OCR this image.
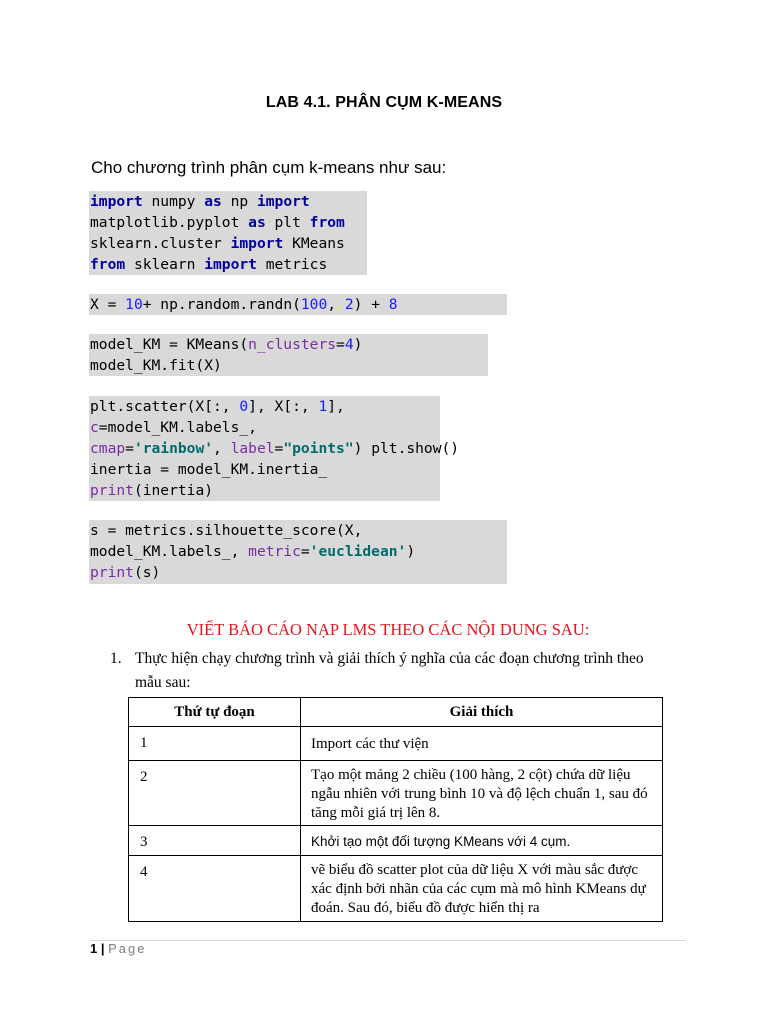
LAB 4.1. PHÂN CỤM K-MEANS
Cho chương trình phân cụm k-means như sau:
import numpy as np import
matplotlib.pyplot as plt from
sklearn.cluster import KMeans
from sklearn import metrics
X = 10+ np.random.randn(100, 2) + 8
model_KM = KMeans(n_clusters=4)
model_KM.fit(X)
plt.scatter(X[:, 0], X[:, 1],
c=model_KM.labels_,
cmap='rainbow', label="points") plt.show()
inertia = model_KM.inertia_
print(inertia)
s = metrics.silhouette_score(X,
model_KM.labels_, metric='euclidean')
print(s)
VIẾT BÁO CÁO NẠP LMS THEO CÁC NỘI DUNG SAU:
1. Thực hiện chạy chương trình và giải thích ý nghĩa của các đoạn chương trình theo mẫu sau:
Thứ tự đoạn	Giải thích
1	Import các thư viện
2	Tạo một mảng 2 chiều (100 hàng, 2 cột) chứa dữ liệu ngẫu nhiên với trung bình 10 và độ lệch chuẩn 1, sau đó tăng mỗi giá trị lên 8.
3	Khởi tạo một đối tượng KMeans với 4 cụm.
4	vẽ biểu đồ scatter plot của dữ liệu X với màu sắc được xác định bởi nhãn của các cụm mà mô hình KMeans dự đoán. Sau đó, biểu đồ được hiển thị ra
1 | Page
